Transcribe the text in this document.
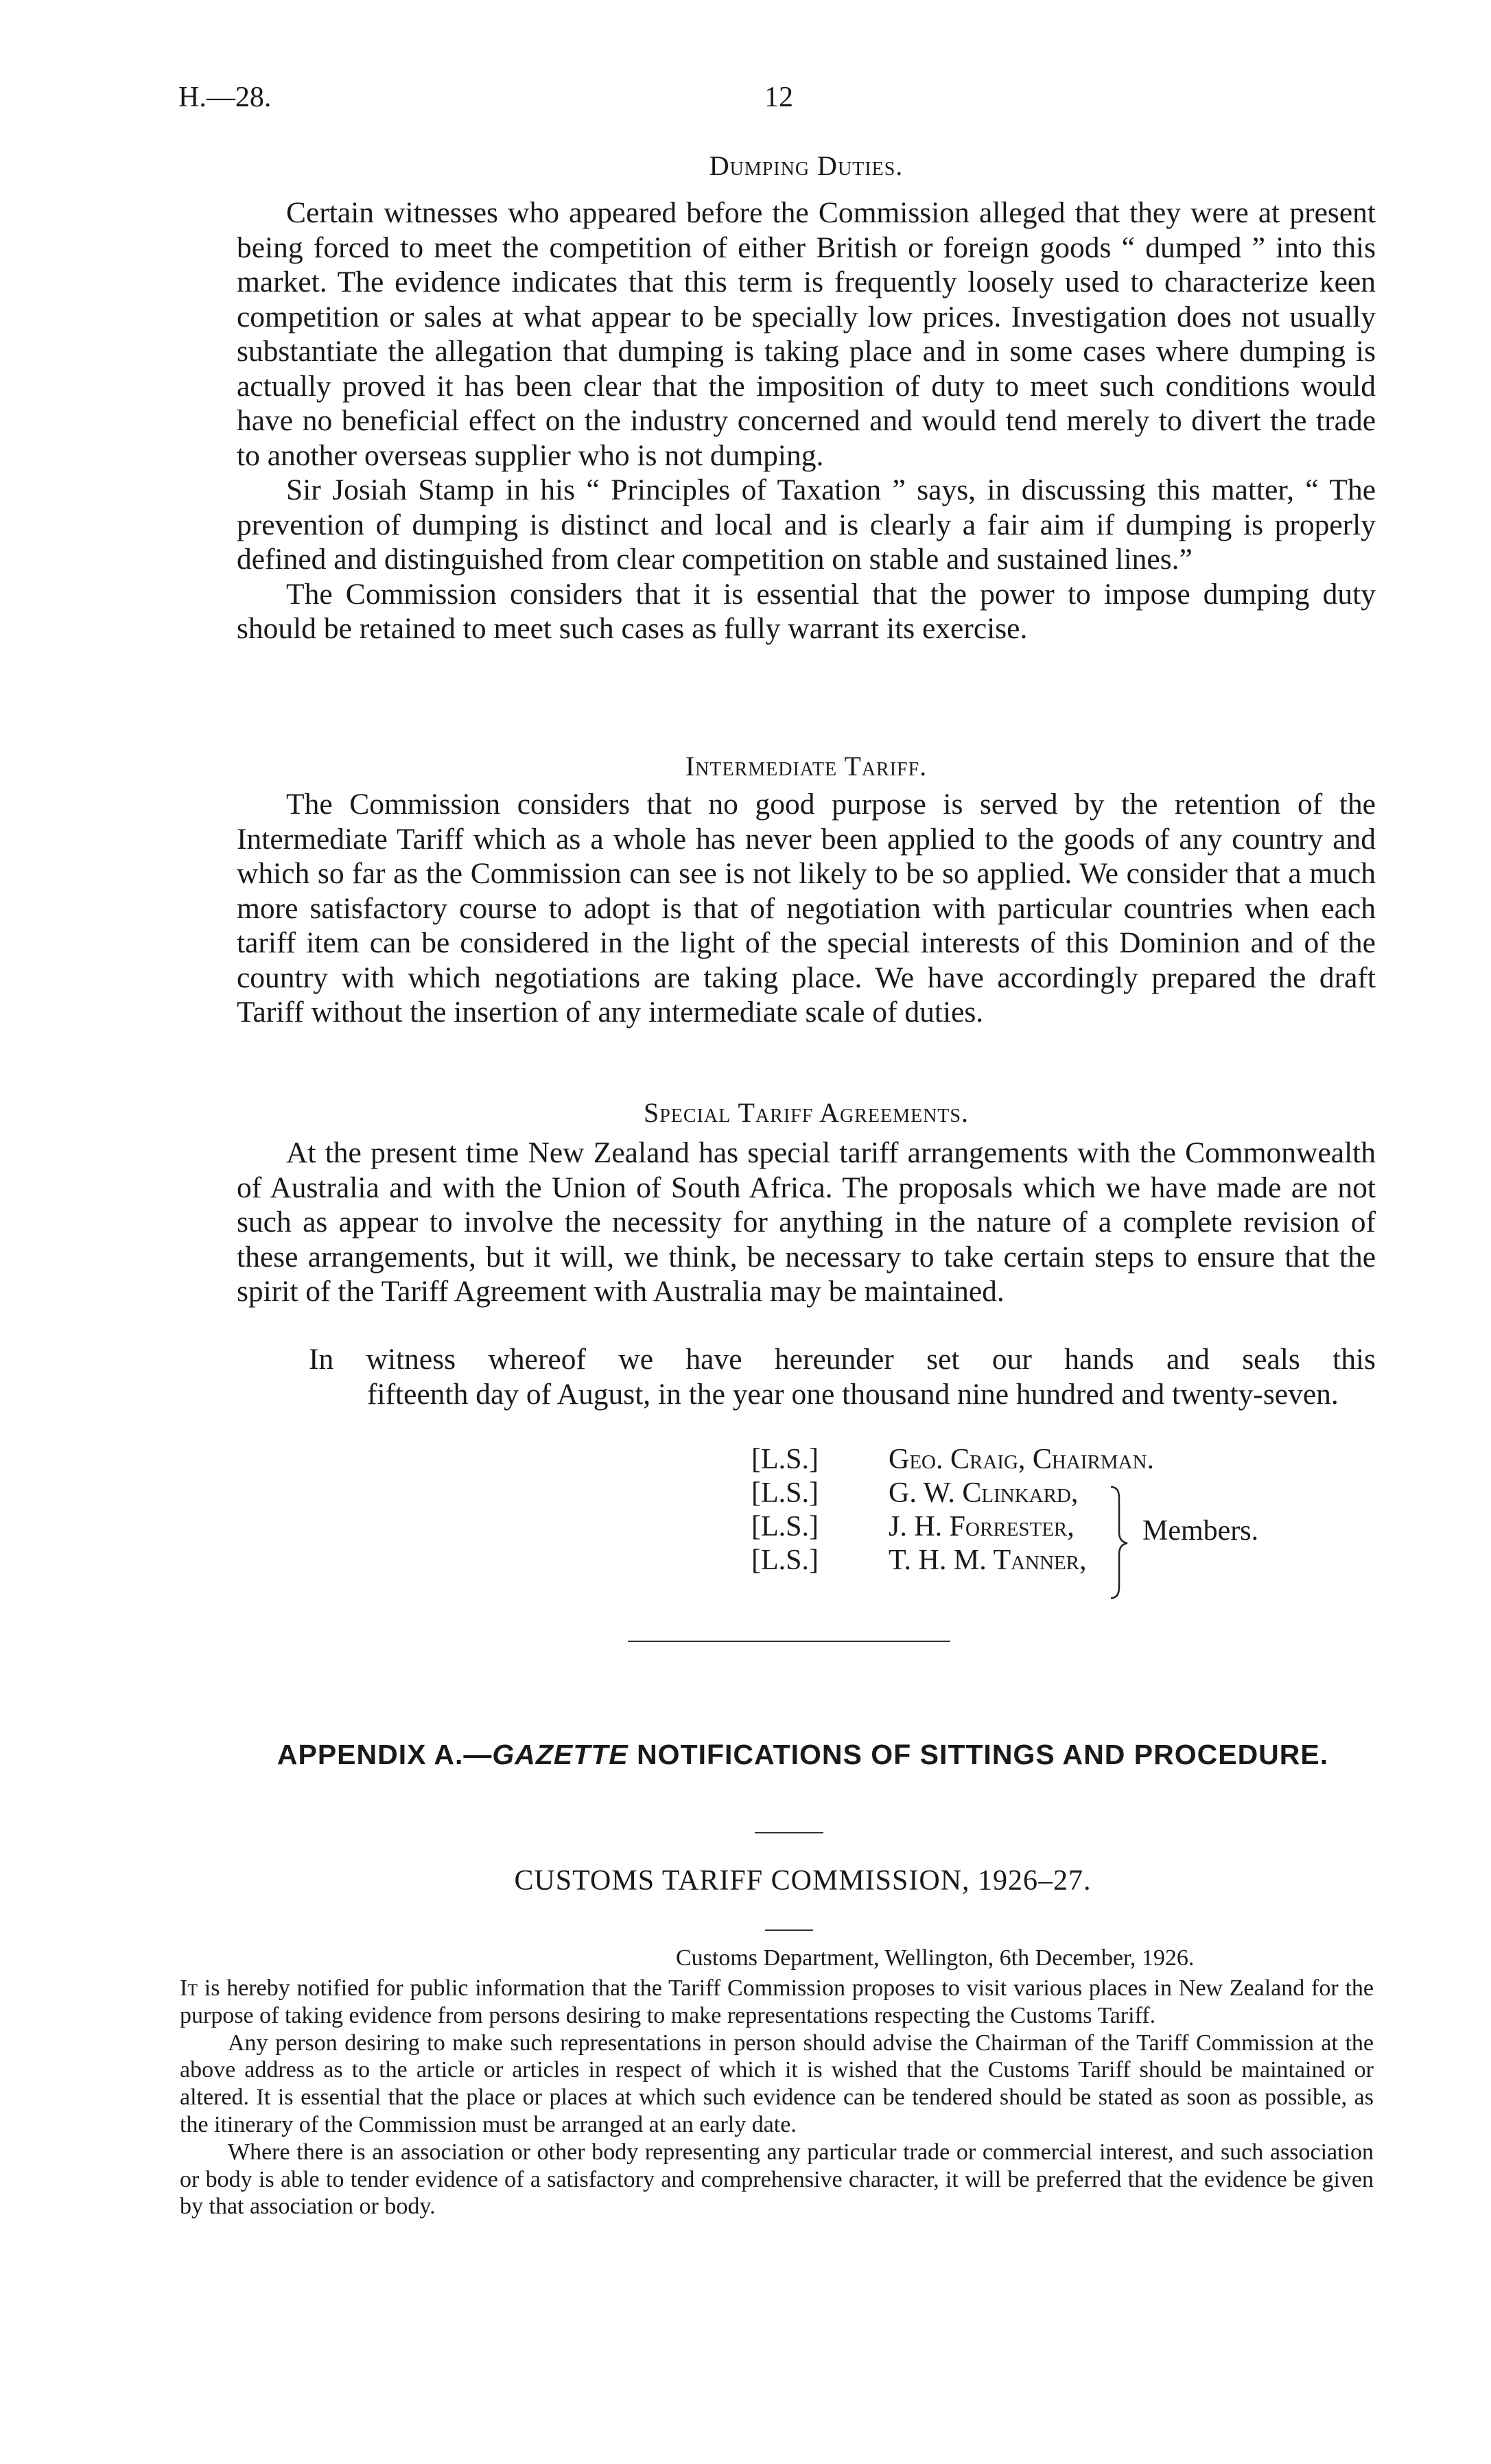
H.—28.	12
Dumping Duties.

Certain witnesses who appeared before the Commission alleged that they were at present being forced to meet the competition of either British or foreign goods “ dumped ” into this market. The evidence indicates that this term is frequently loosely used to characterize keen competition or sales at what appear to be specially low prices. Investigation does not usually substantiate the allegation that dumping is taking place and in some cases where dumping is actually proved it has been clear that the imposition of duty to meet such conditions would have no beneficial effect on the industry concerned and would tend merely to divert the trade to another overseas supplier who is not dumping.

Sir Josiah Stamp in his “ Principles of Taxation ” says, in discussing this matter, “ The prevention of dumping is distinct and local and is clearly a fair aim if dumping is properly defined and distinguished from clear competition on stable and sustained lines.”

The Commission considers that it is essential that the power to impose dumping duty should be retained to meet such cases as fully warrant its exercise.

Intermediate Tariff.

The Commission considers that no good purpose is served by the retention of the Intermediate Tariff which as a whole has never been applied to the goods of any country and which so far as the Commission can see is not likely to be so applied. We consider that a much more satisfactory course to adopt is that of negotiation with particular countries when each tariff item can be considered in the light of the special interests of this Dominion and of the country with which negotiations are taking place. We have accordingly prepared the draft Tariff without the insertion of any intermediate scale of duties.

Special Tariff Agreements.

At the present time New Zealand has special tariff arrangements with the Commonwealth of Australia and with the Union of South Africa. The proposals which we have made are not such as appear to involve the necessity for anything in the nature of a complete revision of these arrangements, but it will, we think, be necessary to take certain steps to ensure that the spirit of the Tariff Agreement with Australia may be maintained.

In witness whereof we have hereunder set our hands and seals this
fifteenth day of August, in the year one thousand nine hundred and twenty-seven.
[L.S.] Geo. Craig, Chairman.
[L.S.] G. W. Clinkard,
[L.S.] J. H. Forrester,
[L.S.] T. H. M. Tanner,
Members.
APPENDIX A.—GAZETTE NOTIFICATIONS OF SITTINGS AND PROCEDURE.
CUSTOMS TARIFF COMMISSION, 1926–27.
Customs Department, Wellington, 6th December, 1926.

It is hereby notified for public information that the Tariff Commission proposes to visit various places in New Zealand for the purpose of taking evidence from persons desiring to make representations respecting the Customs Tariff.

Any person desiring to make such representations in person should advise the Chairman of the Tariff Commission at the above address as to the article or articles in respect of which it is wished that the Customs Tariff should be maintained or altered. It is essential that the place or places at which such evidence can be tendered should be stated as soon as possible, as the itinerary of the Commission must be arranged at an early date.

Where there is an association or other body representing any particular trade or commercial interest, and such association or body is able to tender evidence of a satisfactory and comprehensive character, it will be preferred that the evidence be given by that association or body.
